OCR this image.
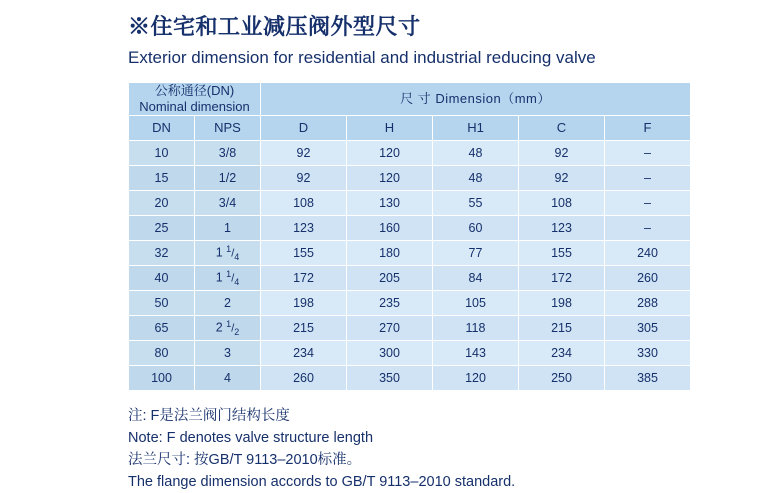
※住宅和工业减压阀外型尺寸
Exterior dimension for residential and industrial reducing valve
公称通径(DN)
Nominal dimension		尺 寸 Dimension（mm）				
DN	NPS	D	H	H1	C	F
10	3/8	92	120	48	92	–
15	1/2	92	120	48	92	–
20	3/4	108	130	55	108	–
25	1	123	160	60	123	–
32	1 $^1/_4$	155	180	77	155	240
40	1 $^1/_4$	172	205	84	172	260
50	2	198	235	105	198	288
65	2 $^1/_2$	215	270	118	215	305
80	3	234	300	143	234	330
100	4	260	350	120	250	385
注: F是法兰阀门结构长度
Note: F denotes valve structure length
法兰尺寸: 按GB/T 9113–2010标准。
The flange dimension accords to GB/T 9113–2010 standard.
